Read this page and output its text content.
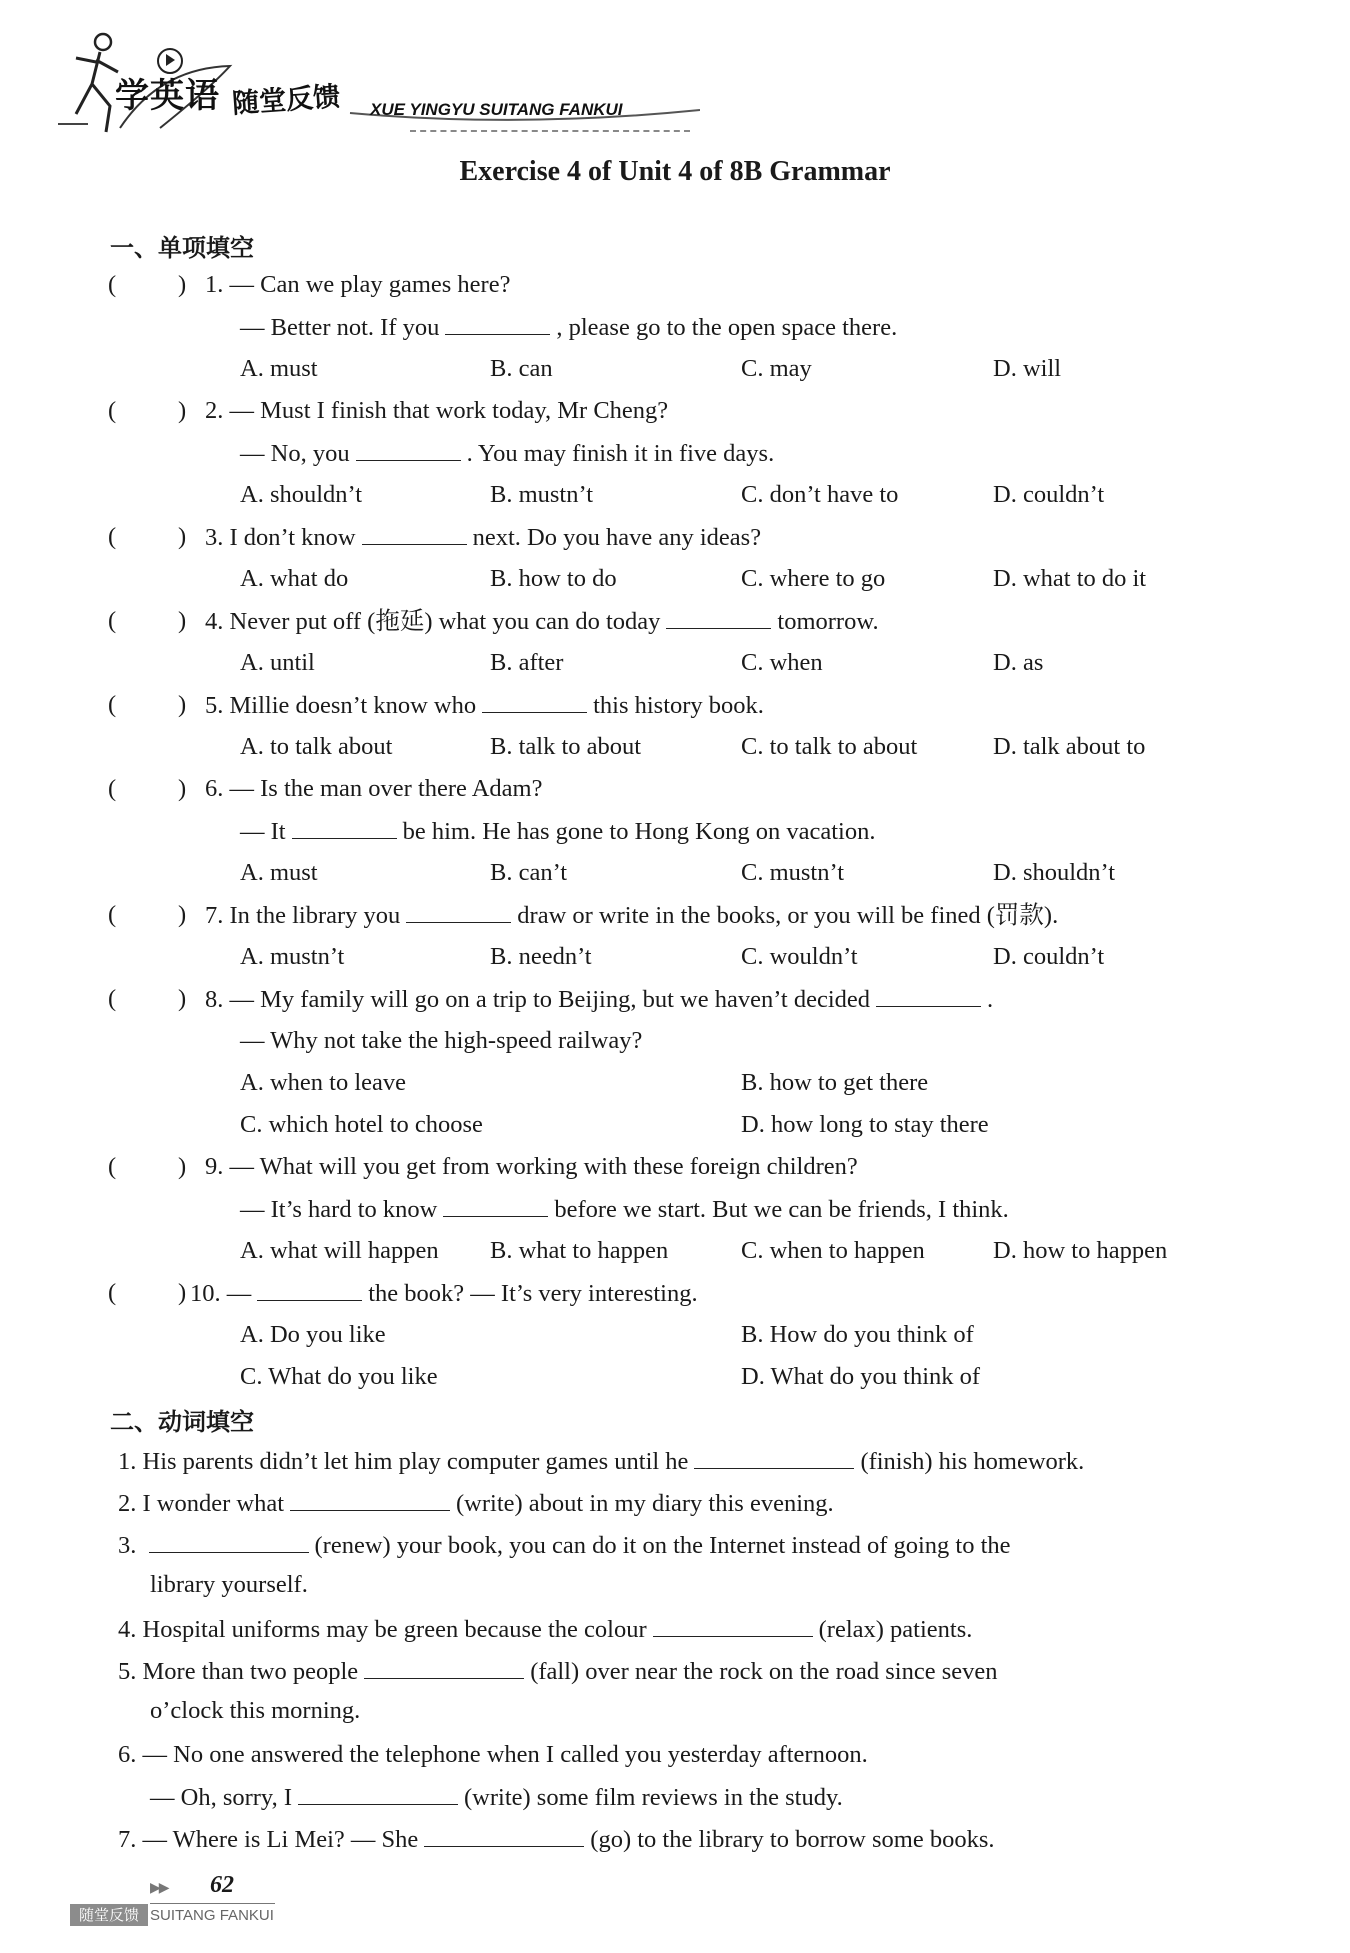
学英语 随堂反馈 XUE YINGYU SUITANG FANKUI
Exercise 4 of Unit 4 of 8B Grammar
一、单项填空
(	) 1. — Can we play games here?
— Better not. If you	, please go to the open space there.
A. must	B. can	C. may	D. will
(	) 2. — Must I finish that work today, Mr Cheng?
— No, you	. You may finish it in five days.
A. shouldn’t	B. mustn’t	C. don’t have to	D. couldn’t
(	) 3. I don’t know	next. Do you have any ideas?
A. what do	B. how to do	C. where to go	D. what to do it
(	) 4. Never put off (拖延) what you can do today	tomorrow.
A. until	B. after	C. when	D. as
(	) 5. Millie doesn’t know who	this history book.
A. to talk about	B. talk to about	C. to talk to about	D. talk about to
(	) 6. — Is the man over there Adam?
— It	be him. He has gone to Hong Kong on vacation.
A. must	B. can’t	C. mustn’t	D. shouldn’t
(	) 7. In the library you	draw or write in the books, or you will be fined (罚款).
A. mustn’t	B. needn’t	C. wouldn’t	D. couldn’t
(	) 8. — My family will go on a trip to Beijing, but we haven’t decided	.
— Why not take the high-speed railway?
A. when to leave	B. how to get there
C. which hotel to choose	D. how long to stay there
(	) 9. — What will you get from working with these foreign children?
— It’s hard to know	before we start. But we can be friends, I think.
A. what will happen B. what to happen	C. when to happen	D. how to happen
(	) 10. —	the book? — It’s very interesting.
A. Do you like	B. How do you think of
C. What do you like	D. What do you think of
二、动词填空
1. His parents didn’t let him play computer games until he	(finish) his homework.
2. I wonder what	(write) about in my diary this evening.
3.	(renew) your book, you can do it on the Internet instead of going to the
library yourself.
4. Hospital uniforms may be green because the colour	(relax) patients.
5. More than two people	(fall) over near the rock on the road since seven
o’clock this morning.
6. — No one answered the telephone when I called you yesterday afternoon.
— Oh, sorry, I	(write) some film reviews in the study.
7. — Where is Li Mei? — She	(go) to the library to borrow some books.
▶▶ 62
随堂反馈 SUITANG FANKUI
